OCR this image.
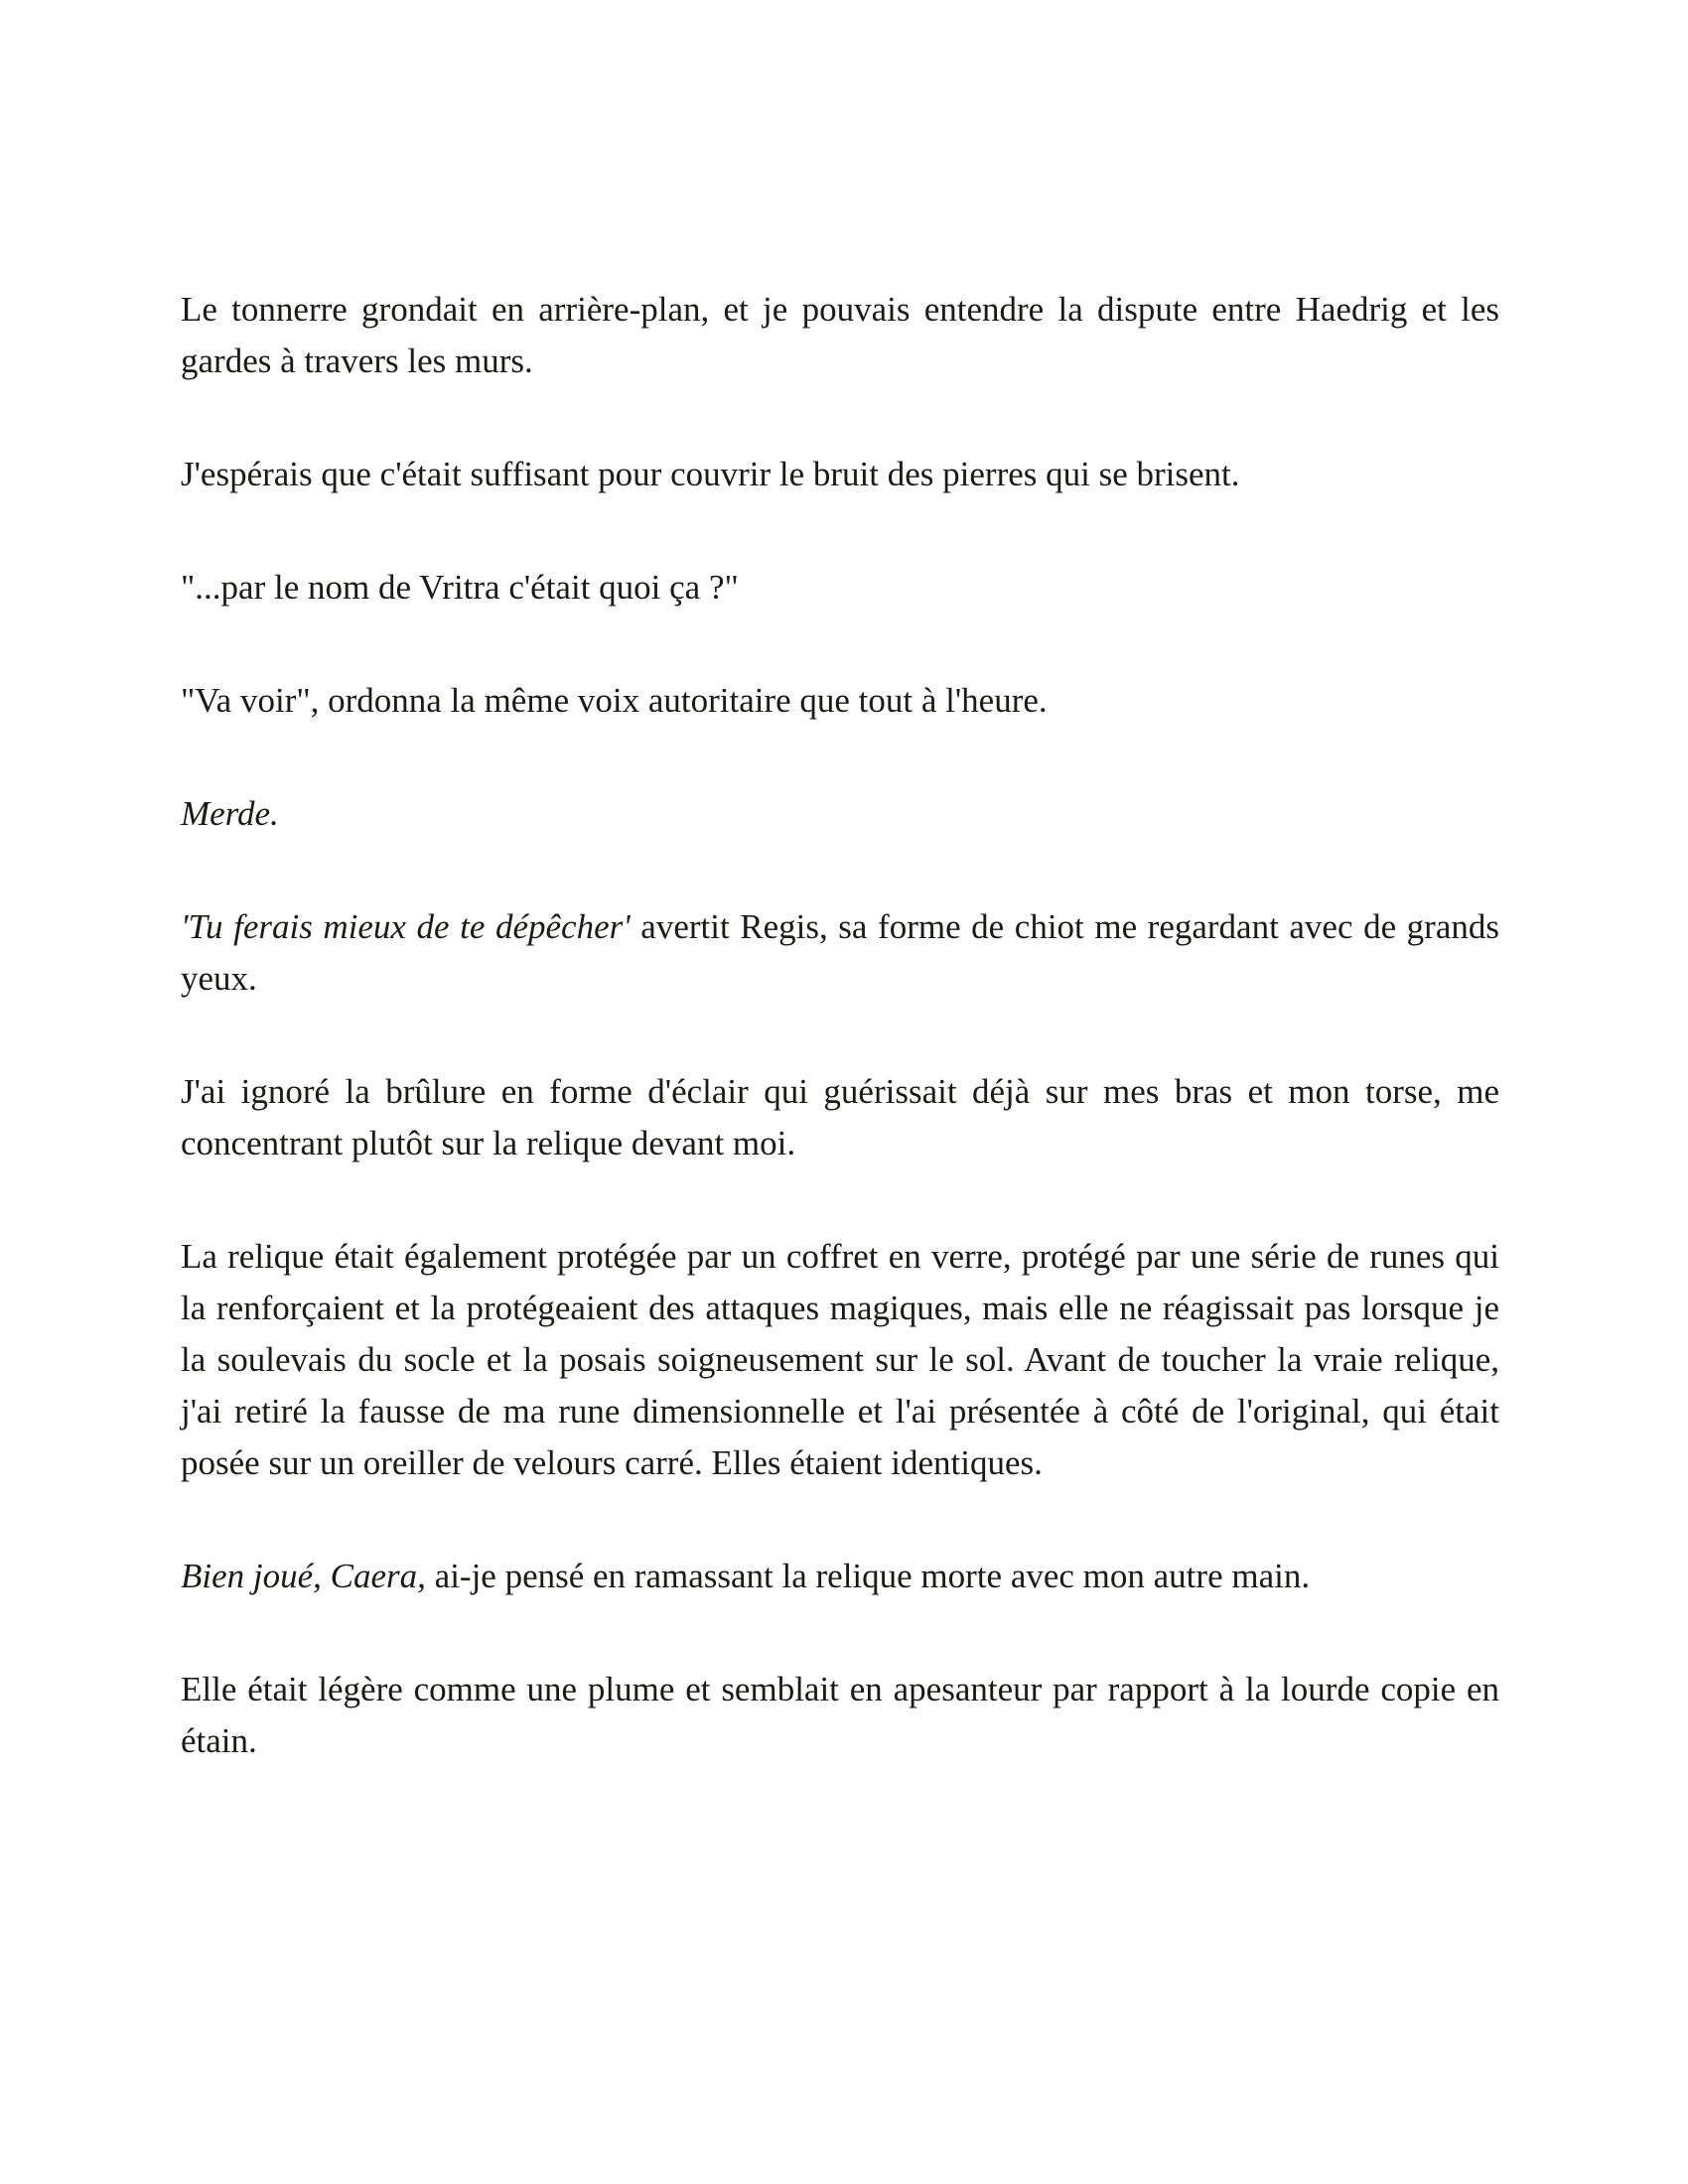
Le tonnerre grondait en arrière-plan, et je pouvais entendre la dispute entre Haedrig et les gardes à travers les murs.

J'espérais que c'était suffisant pour couvrir le bruit des pierres qui se brisent.

"...par le nom de Vritra c'était quoi ça ?"

"Va voir", ordonna la même voix autoritaire que tout à l'heure.

Merde.

'Tu ferais mieux de te dépêcher' avertit Regis, sa forme de chiot me regardant avec de grands yeux.

J'ai ignoré la brûlure en forme d'éclair qui guérissait déjà sur mes bras et mon torse, me concentrant plutôt sur la relique devant moi.

La relique était également protégée par un coffret en verre, protégé par une série de runes qui la renforçaient et la protégeaient des attaques magiques, mais elle ne réagissait pas lorsque je la soulevais du socle et la posais soigneusement sur le sol. Avant de toucher la vraie relique, j'ai retiré la fausse de ma rune dimensionnelle et l'ai présentée à côté de l'original, qui était posée sur un oreiller de velours carré. Elles étaient identiques.

Bien joué, Caera, ai-je pensé en ramassant la relique morte avec mon autre main.

Elle était légère comme une plume et semblait en apesanteur par rapport à la lourde copie en étain.
